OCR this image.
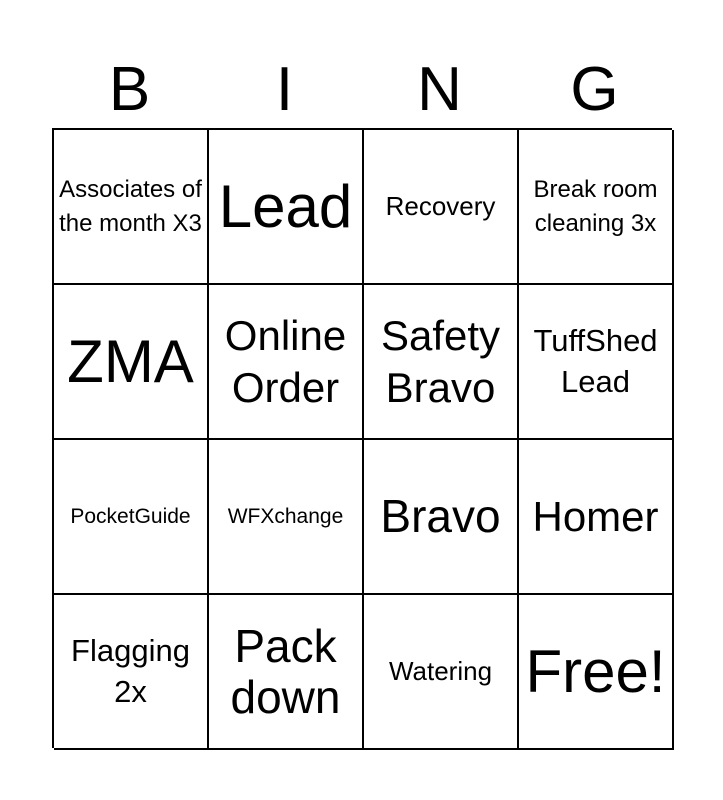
B	I	N	G
Associates of the month X3 Lead	Recovery
Break room cleaning 3x
ZMA Online Order
Safety Bravo
TuffShed Lead
PocketGuide	WFXchange Bravo Homer
Flagging 2x
Pack down	Watering Free!
